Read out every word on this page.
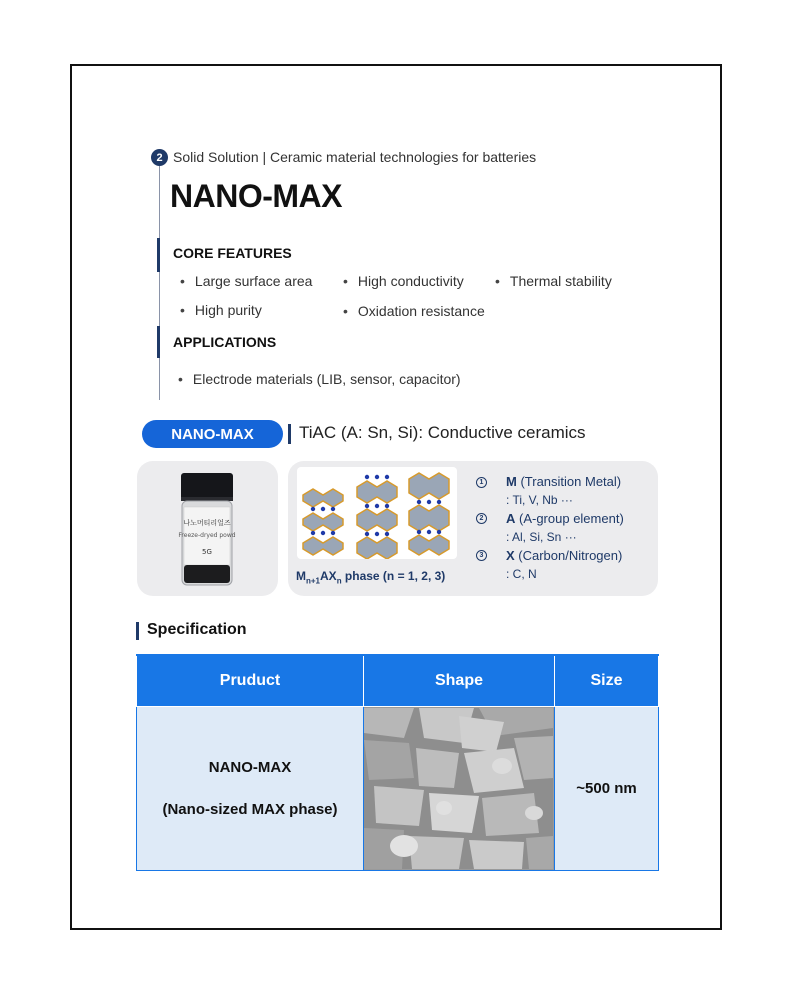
2 Solid Solution | Ceramic material technologies for batteries
NANO-MAX
CORE FEATURES
• Large surface area	• High conductivity	• Thermal stability
• High purity	• Oxidation resistance
APPLICATIONS
• Electrode materials (LIB, sensor, capacitor)
NANO-MAX	TiAC (A: Sn, Si): Conductive ceramics
나노머티리얼즈
Freeze-dryed powd
5G
$M_{n+1}AX_n$ phase (n = 1, 2, 3)
1 M (Transition Metal)
: Ti, V, Nb ···
2 A (A-group element)
: Al, Si, Sn ···
3 X (Carbon/Nitrogen)
: C, N
Specification
Pruduct	Shape	Size

NANO-MAX
(Nano-sized MAX phase)		~500 nm
